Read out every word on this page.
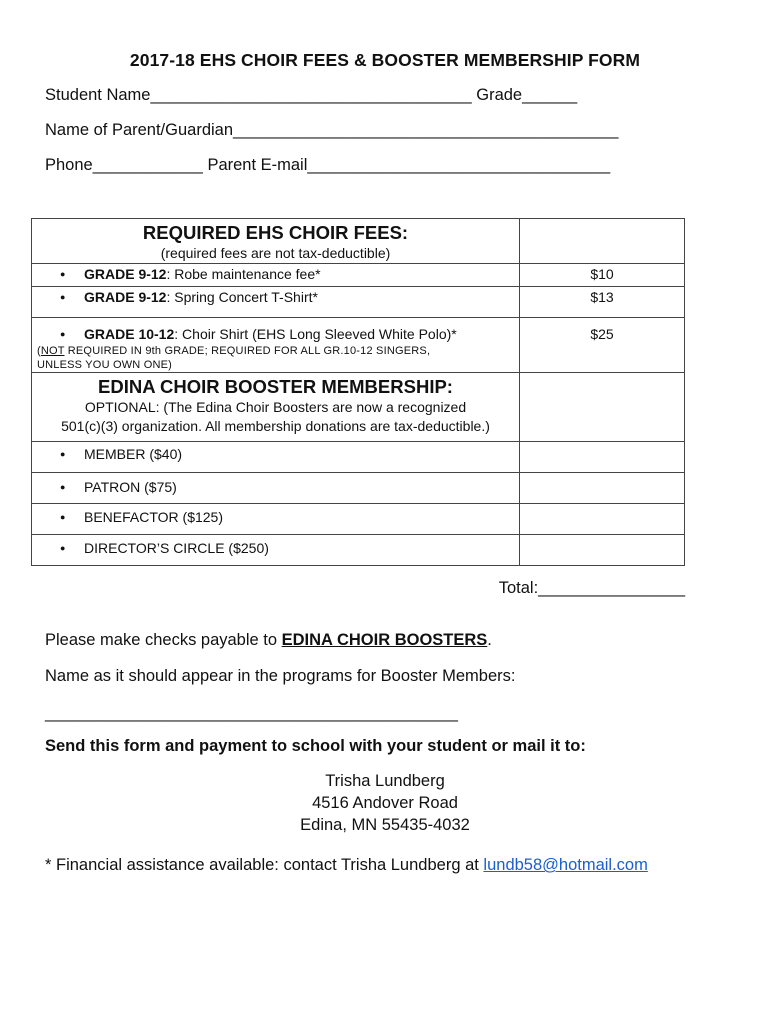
2017-18 EHS CHOIR FEES & BOOSTER MEMBERSHIP FORM
Student Name___________________________________ Grade______
Name of Parent/Guardian__________________________________________
Phone____________ Parent E-mail_________________________________
REQUIRED EHS CHOIR FEES:
(required fees are not tax-deductible)	

● GRADE 9-12: Robe maintenance fee*	$10

● GRADE 9-12: Spring Concert T-Shirt*	$13

● GRADE 10-12: Choir Shirt (EHS Long Sleeved White Polo)*
(NOT REQUIRED IN 9th GRADE; REQUIRED FOR ALL GR.10-12 SINGERS,
UNLESS YOU OWN ONE)	$25

EDINA CHOIR BOOSTER MEMBERSHIP:
OPTIONAL: (The Edina Choir Boosters are now a recognized
501(c)(3) organization. All membership donations are tax-deductible.)	

● MEMBER ($40)	

● PATRON ($75)	

● BENEFACTOR ($125)	

● DIRECTOR’S CIRCLE ($250)	

Total:________________
Please make checks payable to EDINA CHOIR BOOSTERS.
Name as it should appear in the programs for Booster Members:
_____________________________________________
Send this form and payment to school with your student or mail it to:
Trisha Lundberg
4516 Andover Road
Edina, MN 55435-4032
* Financial assistance available: contact Trisha Lundberg at lundb58@hotmail.com
